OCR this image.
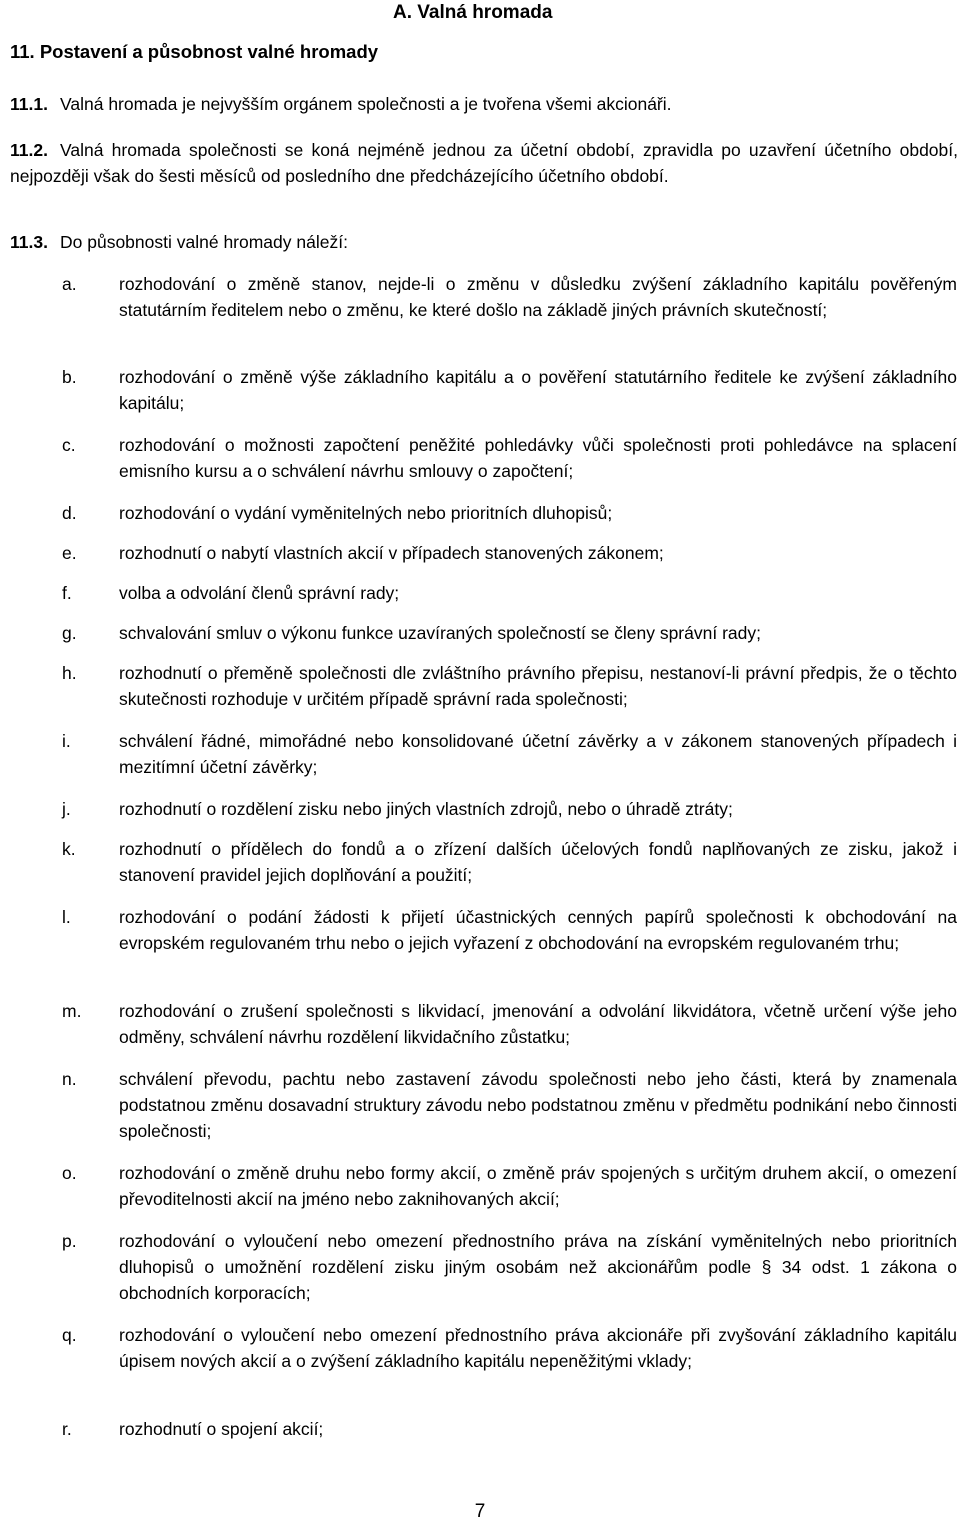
A. Valná hromada
11. Postavení a působnost valné hromady
11.1. Valná hromada je nejvyšším orgánem společnosti a je tvořena všemi akcionáři.
11.2. Valná hromada společnosti se koná nejméně jednou za účetní období, zpravidla po uzavření účetního období, nejpozději však do šesti měsíců od posledního dne předcházejícího účetního období.
11.3. Do působnosti valné hromady náleží:
a.	rozhodování o změně stanov, nejde-li o změnu v důsledku zvýšení základního kapitálu pověřeným statutárním ředitelem nebo o změnu, ke které došlo na základě jiných právních skutečností;
b.	rozhodování o změně výše základního kapitálu a o pověření statutárního ředitele ke zvýšení základního kapitálu;
c.	rozhodování o možnosti započtení peněžité pohledávky vůči společnosti proti pohledávce na splacení emisního kursu a o schválení návrhu smlouvy o započtení;
d.	rozhodování o vydání vyměnitelných nebo prioritních dluhopisů;
e.	rozhodnutí o nabytí vlastních akcií v případech stanovených zákonem;
f.	volba a odvolání členů správní rady;
g.	schvalování smluv o výkonu funkce uzavíraných společností se členy správní rady;
h.	rozhodnutí o přeměně společnosti dle zvláštního právního přepisu, nestanoví-li právní předpis, že o těchto skutečnosti rozhoduje v určitém případě správní rada společnosti;
i.	schválení řádné, mimořádné nebo konsolidované účetní závěrky a v zákonem stanovených případech i mezitímní účetní závěrky;
j.	rozhodnutí o rozdělení zisku nebo jiných vlastních zdrojů, nebo o úhradě ztráty;
k.	rozhodnutí o přídělech do fondů a o zřízení dalších účelových fondů naplňovaných ze zisku, jakož i stanovení pravidel jejich doplňování a použití;
l.	rozhodování o podání žádosti k přijetí účastnických cenných papírů společnosti k obchodování na evropském regulovaném trhu nebo o jejich vyřazení z obchodování na evropském regulovaném trhu;
m.	rozhodování o zrušení společnosti s likvidací, jmenování a odvolání likvidátora, včetně určení výše jeho odměny, schválení návrhu rozdělení likvidačního zůstatku;
n.	schválení převodu, pachtu nebo zastavení závodu společnosti nebo jeho části, která by znamenala podstatnou změnu dosavadní struktury závodu nebo podstatnou změnu v předmětu podnikání nebo činnosti společnosti;
o.	rozhodování o změně druhu nebo formy akcií, o změně práv spojených s určitým druhem akcií, o omezení převoditelnosti akcií na jméno nebo zaknihovaných akcií;
p.	rozhodování o vyloučení nebo omezení přednostního práva na získání vyměnitelných nebo prioritních dluhopisů o umožnění rozdělení zisku jiným osobám než akcionářům podle § 34 odst. 1 zákona o obchodních korporacích;
q.	rozhodování o vyloučení nebo omezení přednostního práva akcionáře při zvyšování základního kapitálu úpisem nových akcií a o zvýšení základního kapitálu nepeněžitými vklady;
r.	rozhodnutí o spojení akcií;
7
